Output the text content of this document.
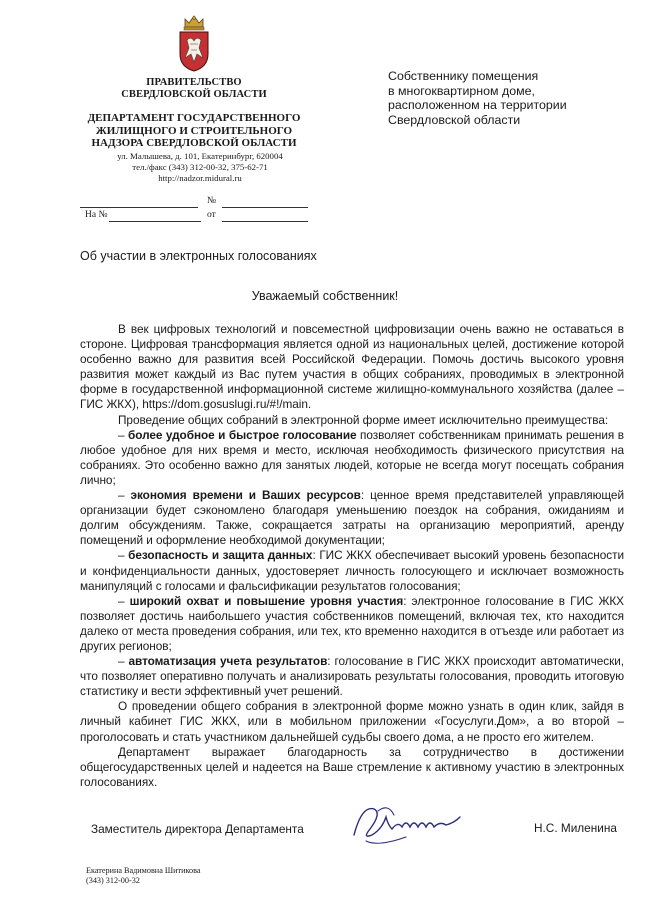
ПРАВИТЕЛЬСТВО
СВЕРДЛОВСКОЙ ОБЛАСТИ
ДЕПАРТАМЕНТ ГОСУДАРСТВЕННОГО
ЖИЛИЩНОГО И СТРОИТЕЛЬНОГО
НАДЗОРА СВЕРДЛОВСКОЙ ОБЛАСТИ
ул. Малышева, д. 101, Екатеринбург, 620004
тел./факс (343) 312-00-32, 375-62-71
http://nadzor.midural.ru
№
На №	от
Собственнику помещения
в многоквартирном доме,
расположенном на территории
Свердловской области
Об участии в электронных голосованиях
Уважаемый собственник!

В век цифровых технологий и повсеместной цифровизации очень важно не оставаться в стороне. Цифровая трансформация является одной из национальных целей, достижение которой особенно важно для развития всей Российской Федерации. Помочь достичь высокого уровня развития может каждый из Вас путем участия в общих собраниях, проводимых в электронной форме в государственной информационной системе жилищно-коммунального хозяйства (далее – ГИС ЖКХ), https://dom.gosuslugi.ru/#!/main.

Проведение общих собраний в электронной форме имеет исключительно преимущества:

– более удобное и быстрое голосование позволяет собственникам принимать решения в любое удобное для них время и место, исключая необходимость физического присутствия на собраниях. Это особенно важно для занятых людей, которые не всегда могут посещать собрания лично;

– экономия времени и Ваших ресурсов: ценное время представителей управляющей организации будет сэкономлено благодаря уменьшению поездок на собрания, ожиданиям и долгим обсуждениям. Также, сокращается затраты на организацию мероприятий, аренду помещений и оформление необходимой документации;

– безопасность и защита данных: ГИС ЖКХ обеспечивает высокий уровень безопасности и конфиденциальности данных, удостоверяет личность голосующего и исключает возможность манипуляций с голосами и фальсификации результатов голосования;

– широкий охват и повышение уровня участия: электронное голосование в ГИС ЖКХ позволяет достичь наибольшего участия собственников помещений, включая тех, кто находится далеко от места проведения собрания, или тех, кто временно находится в отъезде или работает из других регионов;

– автоматизация учета результатов: голосование в ГИС ЖКХ происходит автоматически, что позволяет оперативно получать и анализировать результаты голосования, проводить итоговую статистику и вести эффективный учет решений.

О проведении общего собрания в электронной форме можно узнать в один клик, зайдя в личный кабинет ГИС ЖКХ, или в мобильном приложении «Госуслуги.Дом», а во второй – проголосовать и стать участником дальнейшей судьбы своего дома, а не просто его жителем.

Департамент выражает благодарность за сотрудничество в достижении общегосударственных целей и надеется на Ваше стремление к активному участию в электронных голосованиях.

Заместитель директора Департамента	Н.С. Миленина
Екатерина Вадимовна Шитикова
(343) 312-00-32
